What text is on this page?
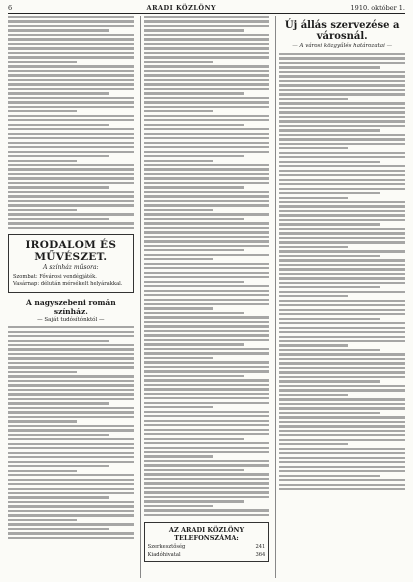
6	ARADI KÖZLÖNY	1910. október 1.
IRODALOM ÉS MŰVÉSZET.
A színház műsora:
Szombat: Fővárosi vendégjáték.
Vasárnap: délután mérsékelt helyárakkal.
A nagyszebeni román színház.
— Saját tudósítónktól —
AZ ARADI KÖZLÖNY TELEFONSZÁMA:
Szerkesztőség	241
Kiadóhivatal	364
Új állás szervezése a városnál.
— A városi közgyűlés határozatai —
